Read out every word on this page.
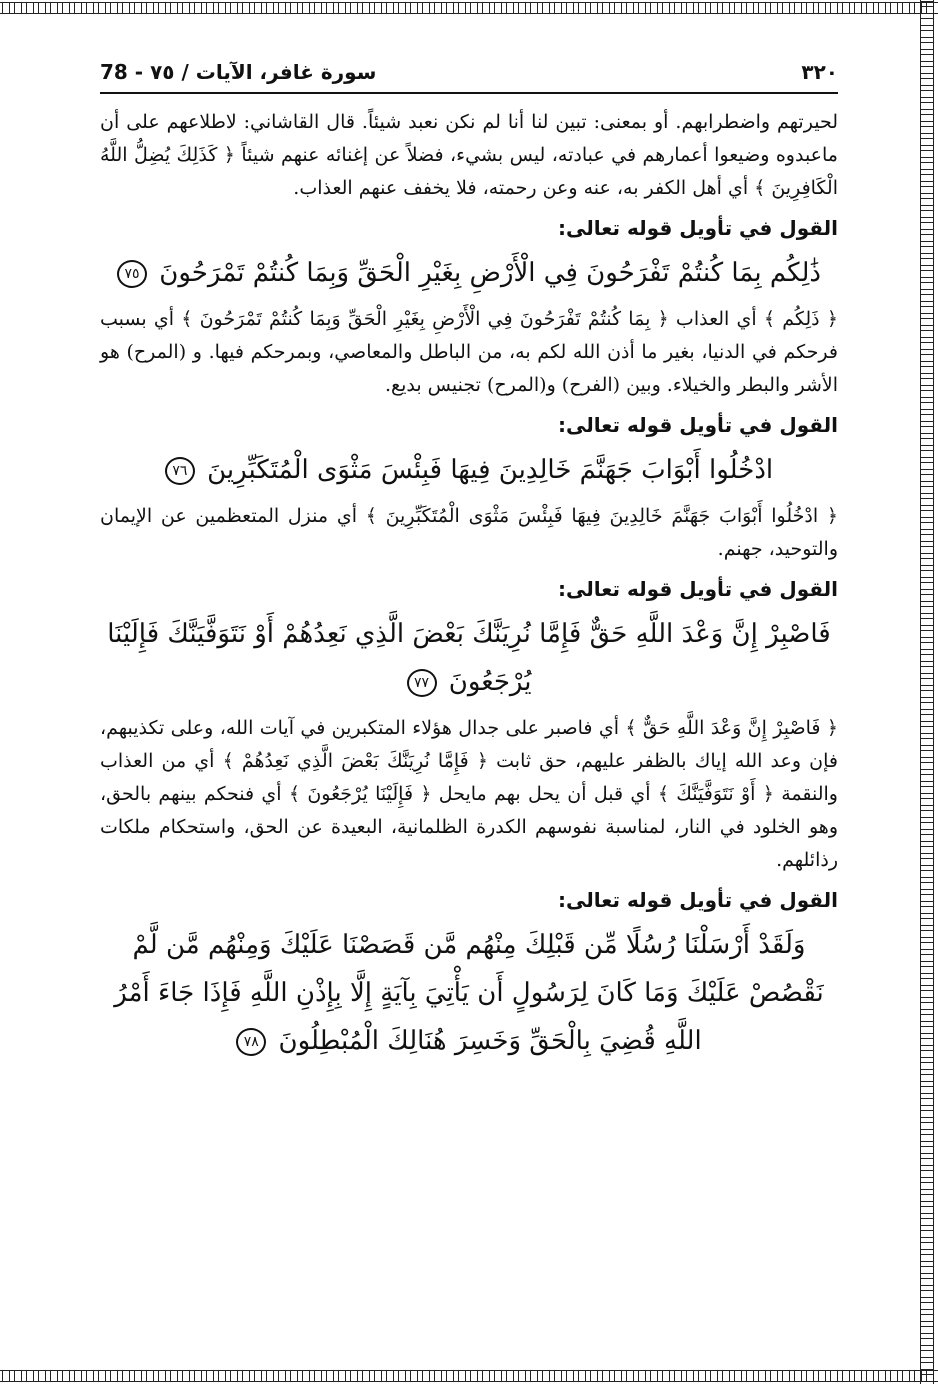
٣٢٠
سورة غافر، الآيات / ٧٥ - 78

لحيرتهم واضطرابهم. أو بمعنى: تبين لنا أنا لم نكن نعبد شيئاً. قال القاشاني: لاطلاعهم على أن ماعبدوه وضيعوا أعمارهم في عبادته، ليس بشيء، فضلاً عن إغنائه عنهم شيئاً ﴿ كَذَلِكَ يُضِلُّ اللَّهُ الْكَافِرِينَ ﴾ أي أهل الكفر به، عنه وعن رحمته، فلا يخفف عنهم العذاب.

القول في تأويل قوله تعالى:
ذَٰلِكُم بِمَا كُنتُمْ تَفْرَحُونَ فِي الْأَرْضِ بِغَيْرِ الْحَقِّ وَبِمَا كُنتُمْ تَمْرَحُونَ ٧٥

﴿ ذَلِكُم ﴾ أي العذاب ﴿ بِمَا كُنتُمْ تَفْرَحُونَ فِي الْأَرْضِ بِغَيْرِ الْحَقِّ وَبِمَا كُنتُمْ تَمْرَحُونَ ﴾ أي بسبب فرحكم في الدنيا، بغير ما أذن الله لكم به، من الباطل والمعاصي، وبمرحكم فيها. و (المرح) هو الأشر والبطر والخيلاء. وبين (الفرح) و(المرح) تجنيس بديع.

القول في تأويل قوله تعالى:
ادْخُلُوا أَبْوَابَ جَهَنَّمَ خَالِدِينَ فِيهَا فَبِئْسَ مَثْوَى الْمُتَكَبِّرِينَ ٧٦

﴿ ادْخُلُوا أَبْوَابَ جَهَنَّمَ خَالِدِينَ فِيهَا فَبِئْسَ مَثْوَى الْمُتَكَبِّرِينَ ﴾ أي منزل المتعظمين عن الإيمان والتوحيد، جهنم.

القول في تأويل قوله تعالى:
فَاصْبِرْ إِنَّ وَعْدَ اللَّهِ حَقٌّ فَإِمَّا نُرِيَنَّكَ بَعْضَ الَّذِي نَعِدُهُمْ أَوْ نَتَوَفَّيَنَّكَ فَإِلَيْنَا يُرْجَعُونَ ٧٧

﴿ فَاصْبِرْ إِنَّ وَعْدَ اللَّهِ حَقٌّ ﴾ أي فاصبر على جدال هؤلاء المتكبرين في آيات الله، وعلى تكذيبهم، فإن وعد الله إياك بالظفر عليهم، حق ثابت ﴿ فَإِمَّا نُرِيَنَّكَ بَعْضَ الَّذِي نَعِدُهُمْ ﴾ أي من العذاب والنقمة ﴿ أَوْ نَتَوَفَّيَنَّكَ ﴾ أي قبل أن يحل بهم مايحل ﴿ فَإِلَيْنَا يُرْجَعُونَ ﴾ أي فنحكم بينهم بالحق، وهو الخلود في النار، لمناسبة نفوسهم الكدرة الظلمانية، البعيدة عن الحق، واستحكام ملكات رذائلهم.

القول في تأويل قوله تعالى:
وَلَقَدْ أَرْسَلْنَا رُسُلًا مِّن قَبْلِكَ مِنْهُم مَّن قَصَصْنَا عَلَيْكَ وَمِنْهُم مَّن لَّمْ نَقْصُصْ عَلَيْكَ وَمَا كَانَ لِرَسُولٍ أَن يَأْتِيَ بِآيَةٍ إِلَّا بِإِذْنِ اللَّهِ فَإِذَا جَاءَ أَمْرُ اللَّهِ قُضِيَ بِالْحَقِّ وَخَسِرَ هُنَالِكَ الْمُبْطِلُونَ ٧٨
